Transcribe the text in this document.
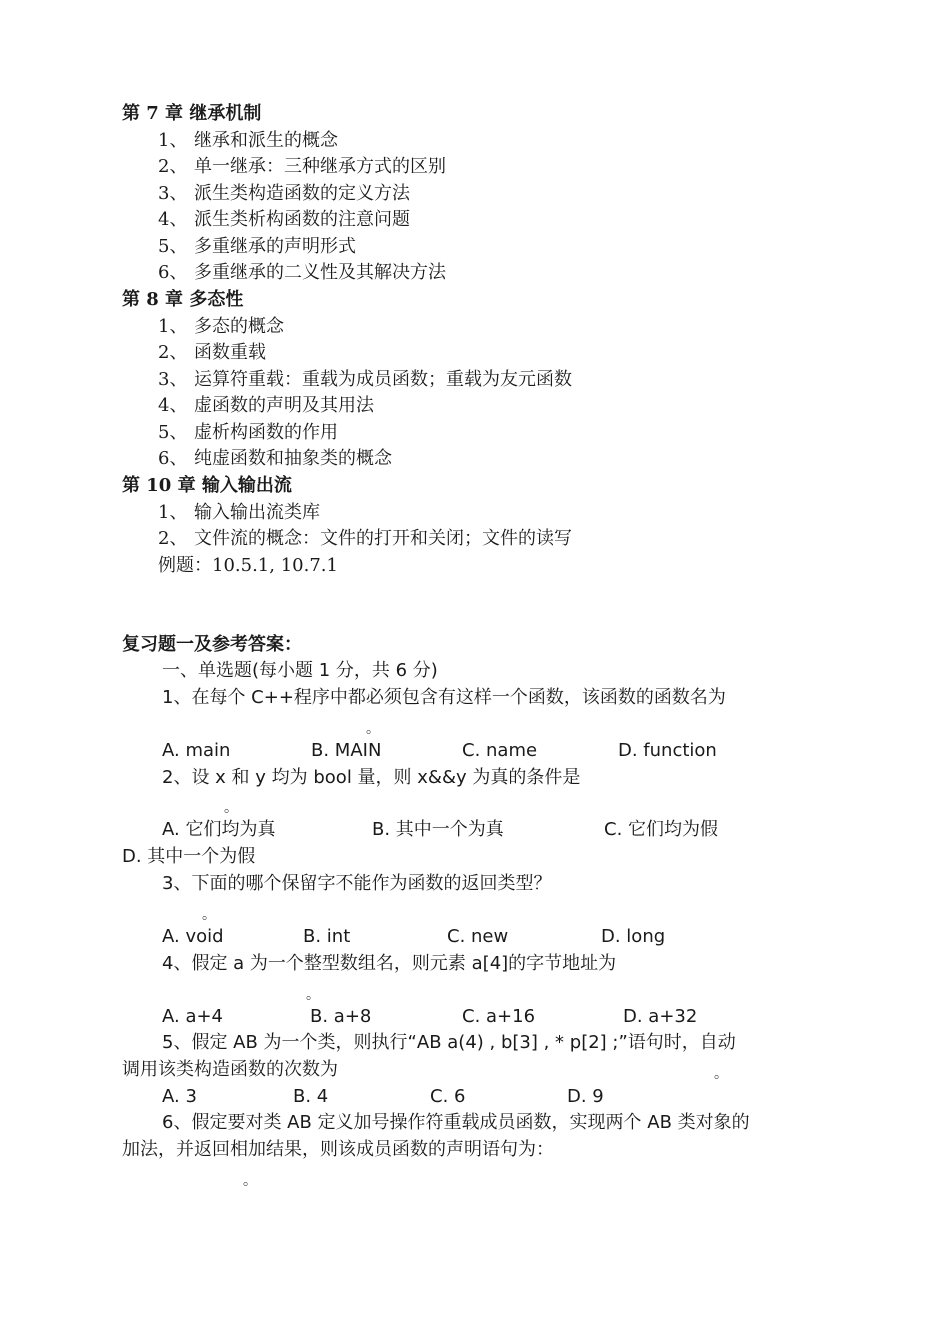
第 7 章 继承机制
1、 继承和派生的概念
2、 单一继承：三种继承方式的区别
3、 派生类构造函数的定义方法
4、 派生类析构函数的注意问题
5、 多重继承的声明形式
6、 多重继承的二义性及其解决方法
第 8 章 多态性
1、 多态的概念
2、 函数重载
3、 运算符重载：重载为成员函数；重载为友元函数
4、 虚函数的声明及其用法
5、 虚析构函数的作用
6、 纯虚函数和抽象类的概念
第 10 章 输入输出流
1、 输入输出流类库
2、 文件流的概念：文件的打开和关闭；文件的读写
例题：10.5.1, 10.7.1
复习题一及参考答案：
一、单选题(每小题 1 分，共 6 分)
1、在每个 C++程序中都必须包含有这样一个函数，该函数的函数名为
。
A. main	B. MAIN	C. name	D. function
2、设 x 和 y 均为 bool 量，则 x&&y 为真的条件是
。
A. 它们均为真	B. 其中一个为真	C. 它们均为假
D. 其中一个为假
3、下面的哪个保留字不能作为函数的返回类型？
。
A. void	B. int	C. new	D. long
4、假定 a 为一个整型数组名，则元素 a[4]的字节地址为
。
A. a+4	B. a+8	C. a+16	D. a+32
5、假定 AB 为一个类，则执行“AB a(4) , b[3] , * p[2] ;”语句时，自动
调用该类构造函数的次数为	。
A. 3	B. 4	C. 6	D. 9
6、假定要对类 AB 定义加号操作符重载成员函数，实现两个 AB 类对象的
加法，并返回相加结果，则该成员函数的声明语句为：
。
